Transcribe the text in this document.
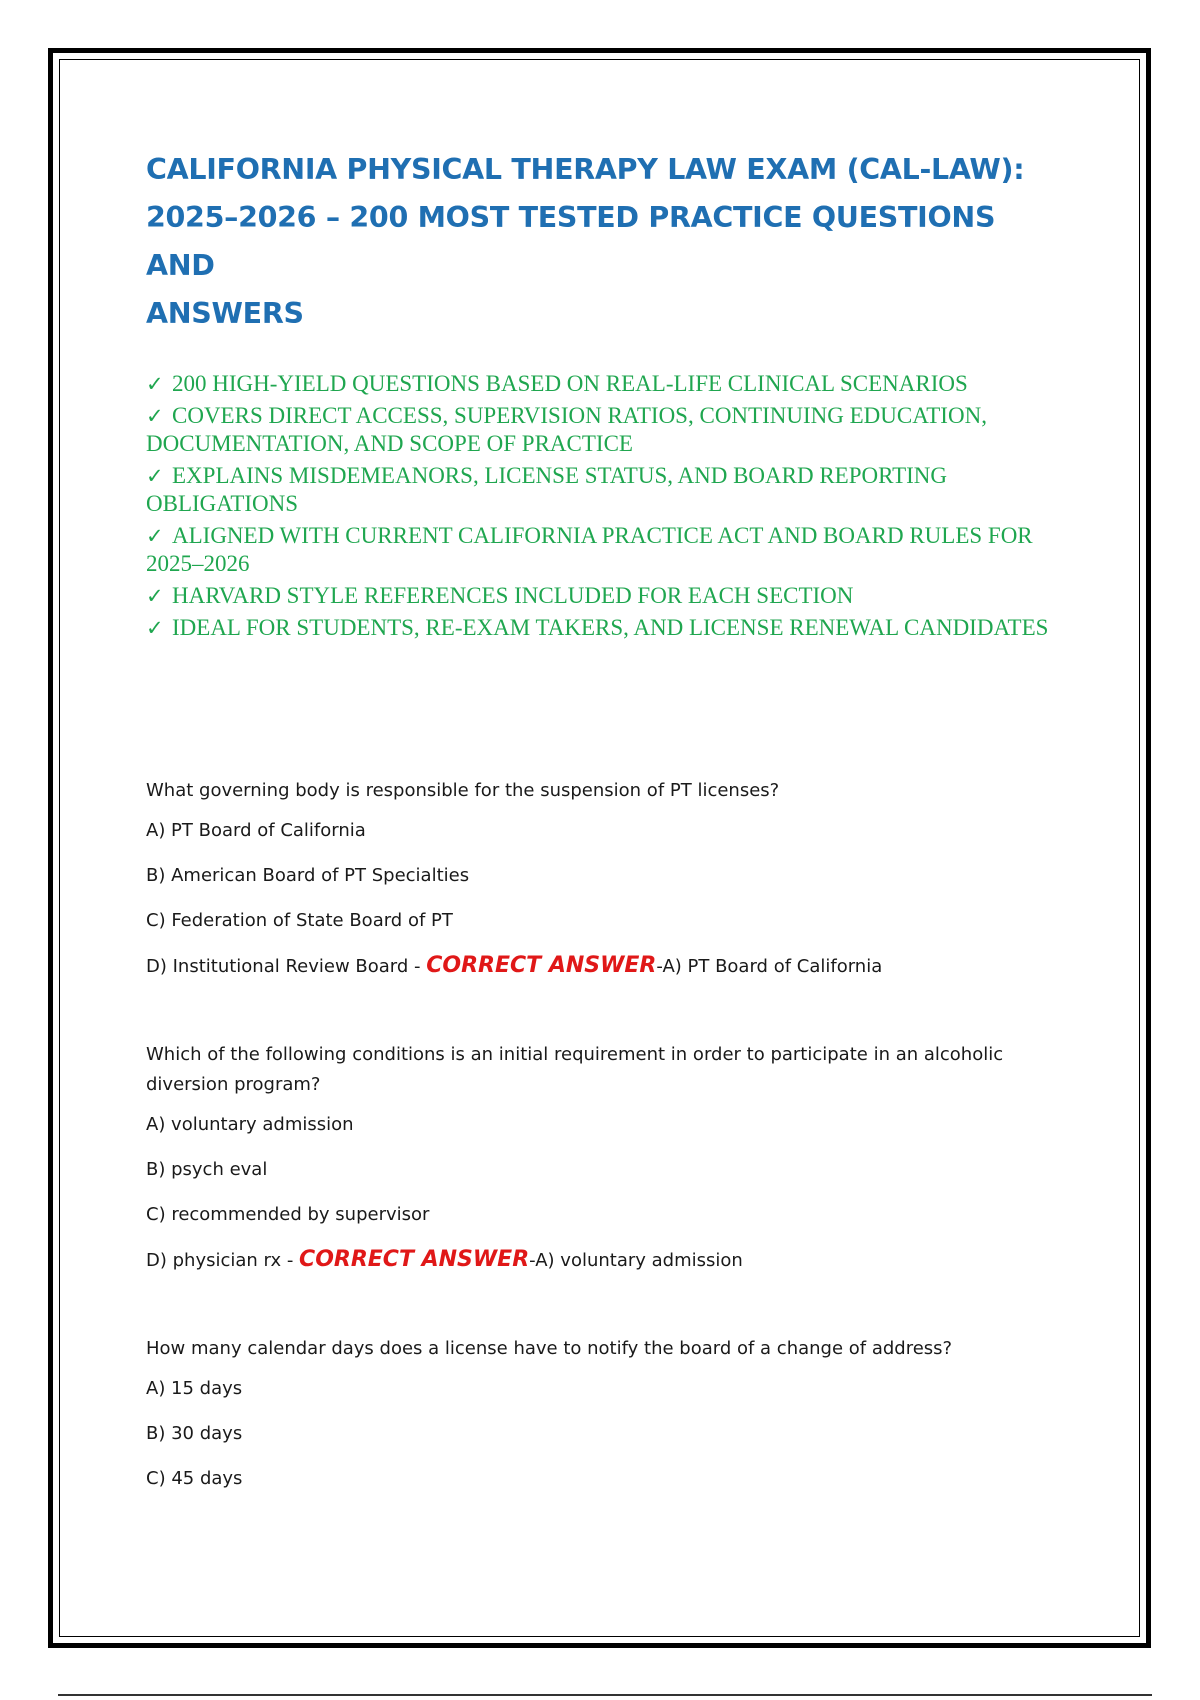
CALIFORNIA PHYSICAL THERAPY LAW EXAM (CAL-LAW):
2025–2026 – 200 MOST TESTED PRACTICE QUESTIONS AND
ANSWERS
✓ 200 HIGH-YIELD QUESTIONS BASED ON REAL-LIFE CLINICAL SCENARIOS
✓ COVERS DIRECT ACCESS, SUPERVISION RATIOS, CONTINUING EDUCATION, DOCUMENTATION, AND SCOPE OF PRACTICE
✓ EXPLAINS MISDEMEANORS, LICENSE STATUS, AND BOARD REPORTING OBLIGATIONS
✓ ALIGNED WITH CURRENT CALIFORNIA PRACTICE ACT AND BOARD RULES FOR 2025–2026
✓ HARVARD STYLE REFERENCES INCLUDED FOR EACH SECTION
✓ IDEAL FOR STUDENTS, RE-EXAM TAKERS, AND LICENSE RENEWAL CANDIDATES
What governing body is responsible for the suspension of PT licenses?
A) PT Board of California
B) American Board of PT Specialties
C) Federation of State Board of PT
D) Institutional Review Board - CORRECT ANSWER-A) PT Board of California
Which of the following conditions is an initial requirement in order to participate in an alcoholic diversion program?
A) voluntary admission
B) psych eval
C) recommended by supervisor
D) physician rx - CORRECT ANSWER-A) voluntary admission
How many calendar days does a license have to notify the board of a change of address?
A) 15 days
B) 30 days
C) 45 days
